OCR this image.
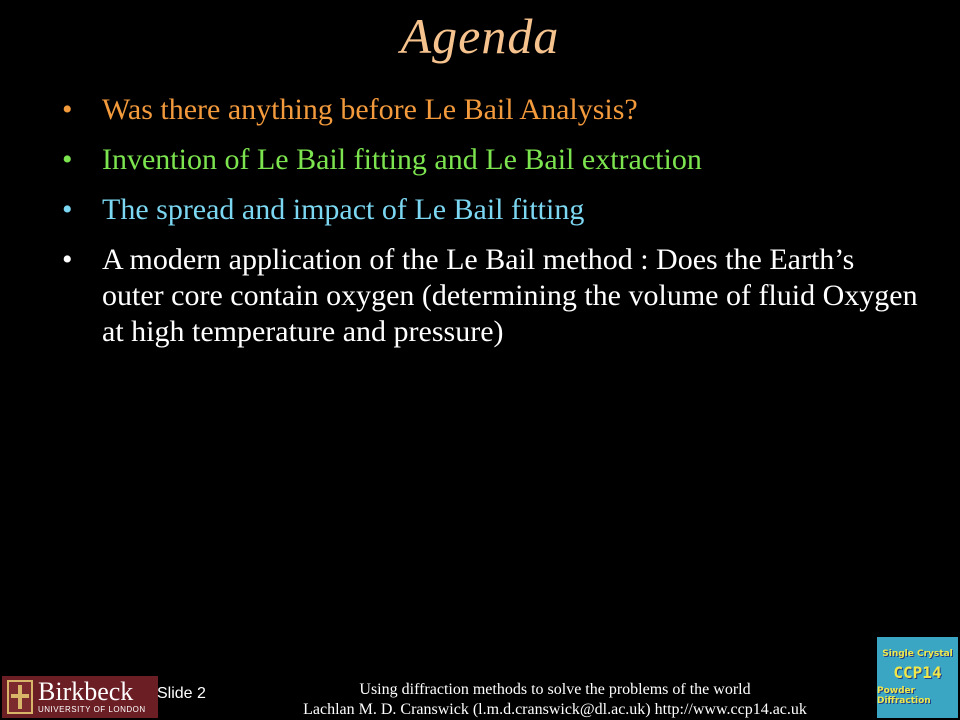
Agenda
• Was there anything before Le Bail Analysis?
• Invention of Le Bail fitting and Le Bail extraction
• The spread and impact of Le Bail fitting
• A modern application of the Le Bail method : Does the Earth’s outer core contain oxygen (determining the volume of fluid Oxygen at high temperature and pressure)
Birkbeck
UNIVERSITY OF LONDON
Slide 2	Using diffraction methods to solve the problems of the world
Lachlan M. D. Cranswick (l.m.d.cranswick@dl.ac.uk) http://www.ccp14.ac.uk
Single Crystal
CCP14
Powder Diffraction
